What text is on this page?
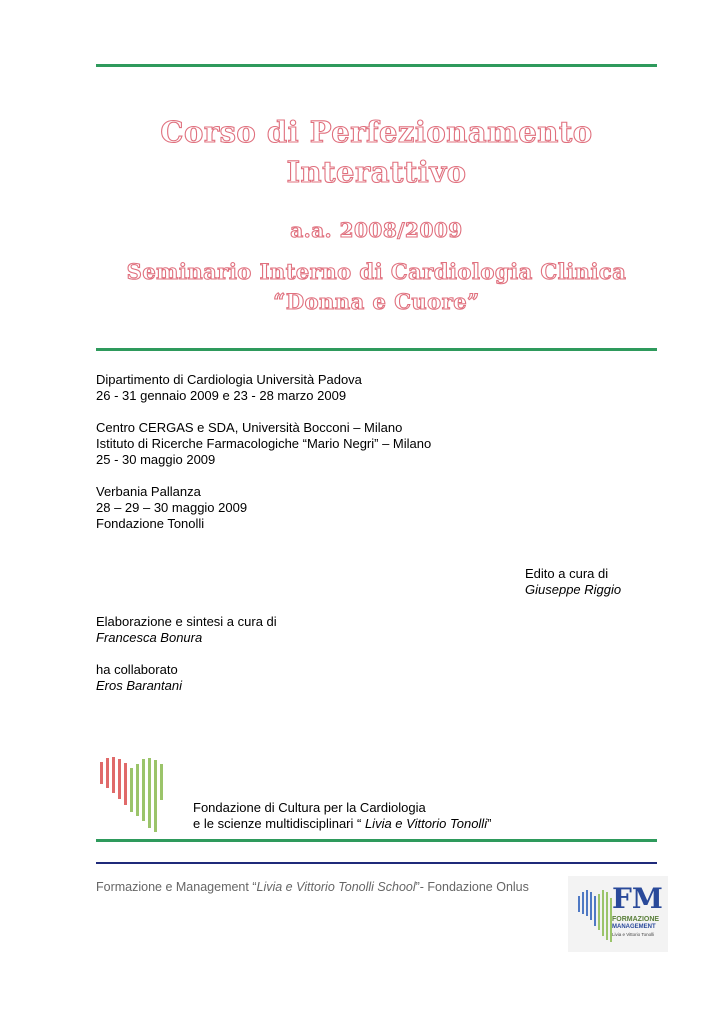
Corso di Perfezionamento
Interattivo
a.a. 2008/2009
Seminario Interno di Cardiologia Clinica
“Donna e Cuore”
Dipartimento di Cardiologia Università Padova
26 - 31 gennaio 2009 e 23 - 28 marzo 2009
Centro CERGAS e SDA, Università Bocconi – Milano
Istituto di Ricerche Farmacologiche “Mario Negri” – Milano
25 - 30 maggio 2009
Verbania Pallanza
28 – 29 – 30 maggio 2009
Fondazione Tonolli
Edito a cura di
Giuseppe Riggio
Elaborazione e sintesi a cura di
Francesca Bonura
ha collaborato
Eros Barantani
Fondazione di Cultura per la Cardiologia
e le scienze multidisciplinari “ Livia e Vittorio Tonolli”
Formazione e Management “Livia e Vittorio Tonolli School”- Fondazione Onlus	FM
FORMAZIONE
MANAGEMENT
Livia e Vittorio Tonolli
